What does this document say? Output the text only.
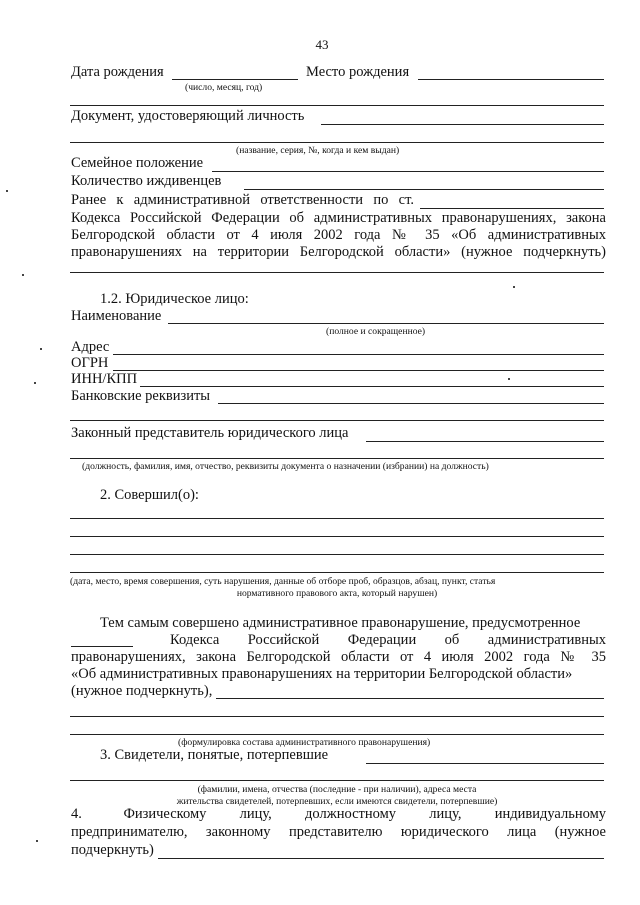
43
Дата рождения
(число, месяц, год)
Место рождения
Документ, удостоверяющий личность
(название, серия, №, когда и кем выдан)
Семейное положение
Количество иждивенцев
Ранее к административной ответственности по ст.
Кодекса Российской Федерации об административных правонарушениях, закона
Белгородской области от 4 июля 2002 года № 35 «Об административных
правонарушениях на территории Белгородской области» (нужное подчеркнуть)
1.2. Юридическое лицо:
Наименование
(полное и сокращенное)
Адрес
ОГРН
ИНН/КПП
Банковские реквизиты
Законный представитель юридического лица
(должность, фамилия, имя, отчество, реквизиты документа о назначении (избрании) на должность)
2. Совершил(о):
(дата, место, время совершения, суть нарушения, данные об отборе проб, образцов, абзац, пункт, статья
нормативного правового акта, который нарушен)
Тем самым совершено административное правонарушение, предусмотренное
Кодекса Российской Федерации об административных
правонарушениях, закона Белгородской области от 4 июля 2002 года № 35
«Об административных правонарушениях на территории Белгородской области»
(нужное подчеркнуть),
(формулировка состава административного правонарушения)
3. Свидетели, понятые, потерпевшие
(фамилии, имена, отчества (последние - при наличии), адреса места
жительства свидетелей, потерпевших, если имеются свидетели, потерпевшие)
4.     Физическому    лицу,    должностному    лицу,    индивидуальному
предпринимателю, законному представителю юридического лица (нужное
подчеркнуть)
